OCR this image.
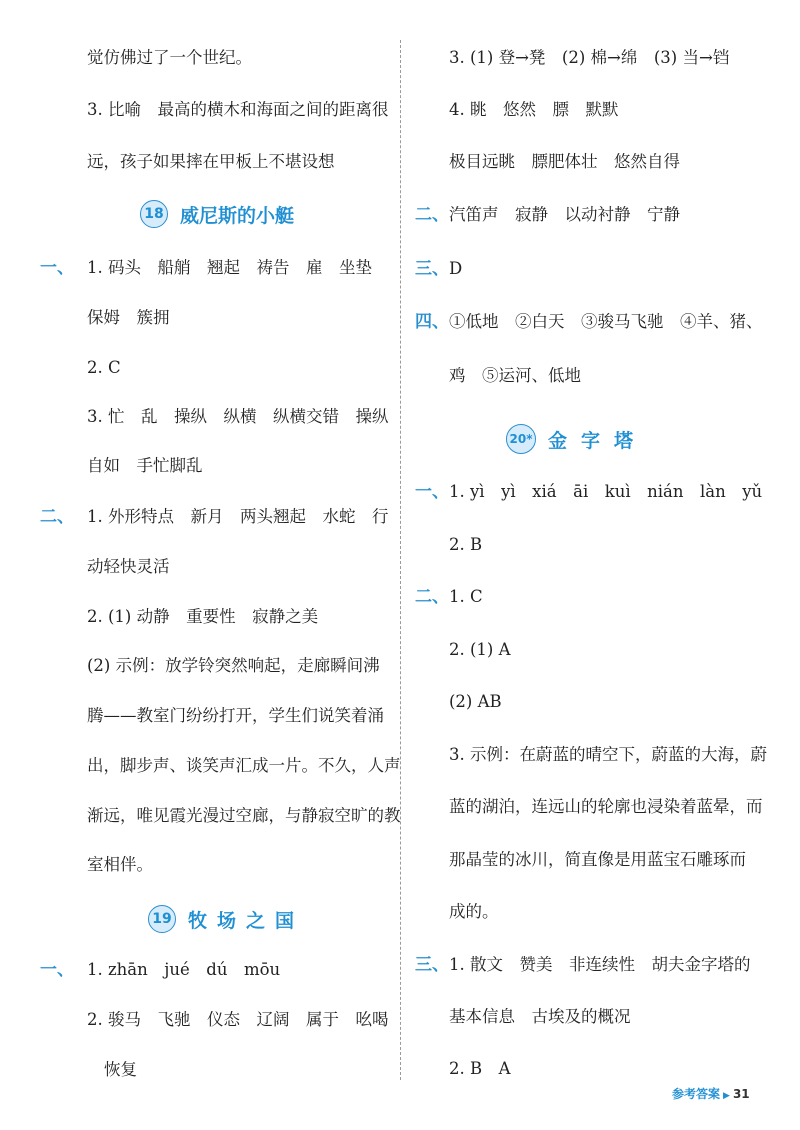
觉仿佛过了一个世纪。
3. 比喻　最高的横木和海面之间的距离很
远，孩子如果摔在甲板上不堪设想
18 威尼斯的小艇
一、 1. 码头　船艄　翘起　祷告　雇　坐垫
保姆　簇拥
2. C
3. 忙　乱　操纵　纵横　纵横交错　操纵
自如　手忙脚乱
二、 1. 外形特点　新月　两头翘起　水蛇　行
动轻快灵活
2. (1) 动静　重要性　寂静之美
(2) 示例：放学铃突然响起，走廊瞬间沸
腾——教室门纷纷打开，学生们说笑着涌
出，脚步声、谈笑声汇成一片。不久，人声
渐远，唯见霞光漫过空廊，与静寂空旷的教
室相伴。
19 牧场之国
一、 1. zhān　jué　dú　mōu
2. 骏马　飞驰　仪态　辽阔　属于　吆喝
恢复
3. (1) 登→凳　(2) 棉→绵　(3) 当→铛
4. 眺　悠然　膘　默默
极目远眺　膘肥体壮　悠然自得
二、 汽笛声　寂静　以动衬静　宁静
三、 D
四、 ①低地　②白天　③骏马飞驰　④羊、猪、
鸡　⑤运河、低地
20* 金字塔
一、 1. yì　yì　xiá　āi　kuì　nián　làn　yǔ
2. B
二、 1. C
2. (1) A
(2) AB
3. 示例：在蔚蓝的晴空下，蔚蓝的大海，蔚
蓝的湖泊，连远山的轮廓也浸染着蓝晕，而
那晶莹的冰川，简直像是用蓝宝石雕琢而
成的。
三、 1. 散文　赞美　非连续性　胡夫金字塔的
基本信息　古埃及的概况
2. B　A
参考答案 ▶ 31
